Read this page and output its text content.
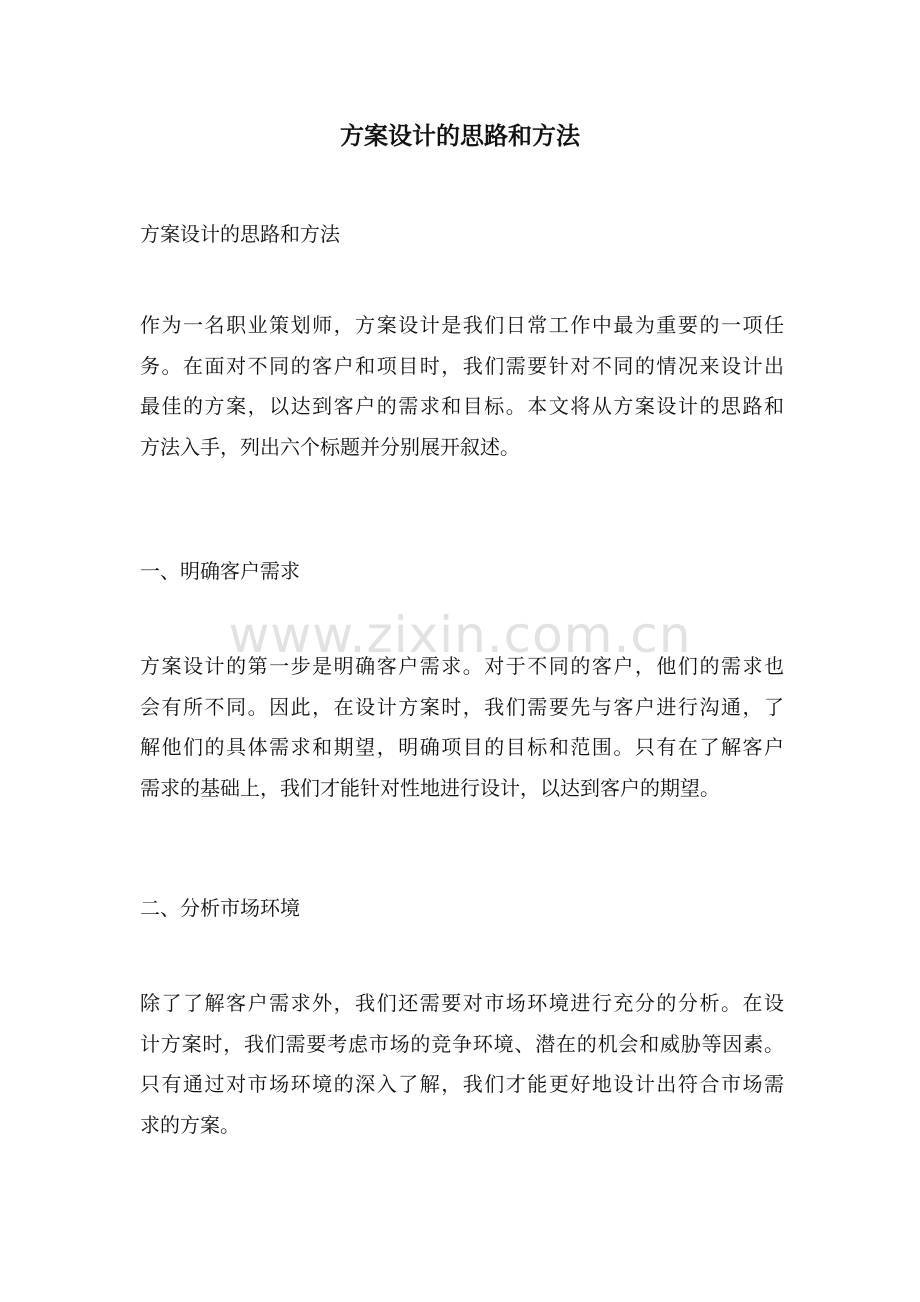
方案设计的思路和方法

方案设计的思路和方法

作为一名职业策划师，方案设计是我们日常工作中最为重要的一项任
务。在面对不同的客户和项目时，我们需要针对不同的情况来设计出
最佳的方案，以达到客户的需求和目标。本文将从方案设计的思路和
方法入手，列出六个标题并分别展开叙述。

一、明确客户需求

方案设计的第一步是明确客户需求。对于不同的客户，他们的需求也
会有所不同。因此，在设计方案时，我们需要先与客户进行沟通，了
解他们的具体需求和期望，明确项目的目标和范围。只有在了解客户
需求的基础上，我们才能针对性地进行设计，以达到客户的期望。

二、分析市场环境

除了了解客户需求外，我们还需要对市场环境进行充分的分析。在设
计方案时，我们需要考虑市场的竞争环境、潜在的机会和威胁等因素。
只有通过对市场环境的深入了解，我们才能更好地设计出符合市场需
求的方案。
www.zixin.com.cn
